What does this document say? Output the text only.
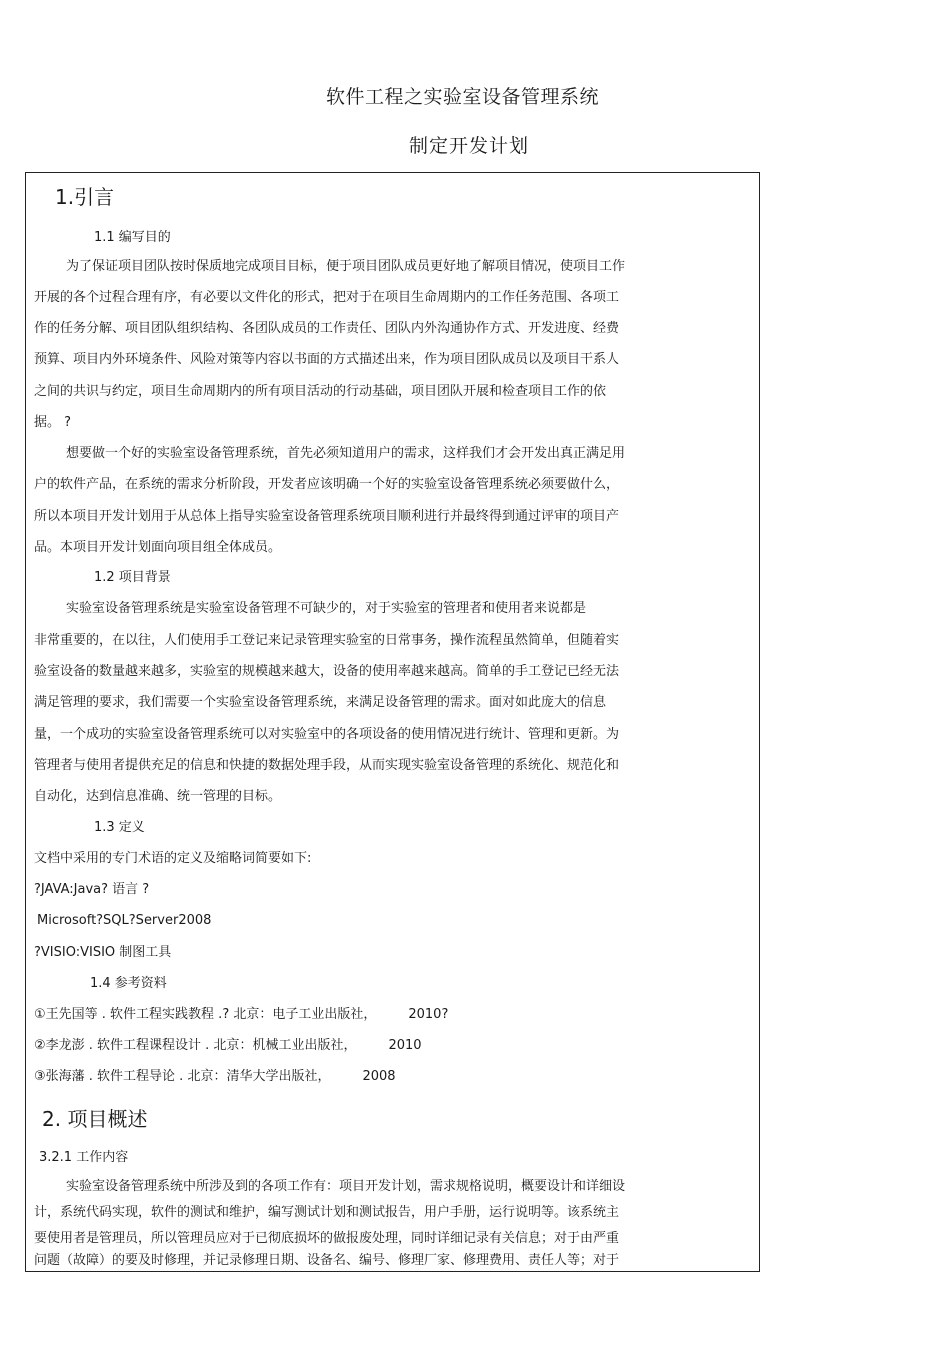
软件工程之实验室设备管理系统
制定开发计划
1.引言
1.1 编写目的
为了保证项目团队按时保质地完成项目目标，便于项目团队成员更好地了解项目情况，使项目工作
开展的各个过程合理有序，有必要以文件化的形式，把对于在项目生命周期内的工作任务范围、各项工
作的任务分解、项目团队组织结构、各团队成员的工作责任、团队内外沟通协作方式、开发进度、经费
预算、项目内外环境条件、风险对策等内容以书面的方式描述出来，作为项目团队成员以及项目干系人
之间的共识与约定，项目生命周期内的所有项目活动的行动基础，项目团队开展和检查项目工作的依
据。 ?
想要做一个好的实验室设备管理系统，首先必须知道用户的需求，这样我们才会开发出真正满足用
户的软件产品，在系统的需求分析阶段，开发者应该明确一个好的实验室设备管理系统必须要做什么，
所以本项目开发计划用于从总体上指导实验室设备管理系统项目顺利进行并最终得到通过评审的项目产
品。本项目开发计划面向项目组全体成员。
1.2 项目背景
实验室设备管理系统是实验室设备管理不可缺少的，对于实验室的管理者和使用者来说都是
非常重要的，在以往，人们使用手工登记来记录管理实验室的日常事务，操作流程虽然简单，但随着实
验室设备的数量越来越多，实验室的规模越来越大，设备的使用率越来越高。简单的手工登记已经无法
满足管理的要求，我们需要一个实验室设备管理系统，来满足设备管理的需求。面对如此庞大的信息
量，一个成功的实验室设备管理系统可以对实验室中的各项设备的使用情况进行统计、管理和更新。为
管理者与使用者提供充足的信息和快捷的数据处理手段，从而实现实验室设备管理的系统化、规范化和
自动化，达到信息准确、统一管理的目标。
1.3 定义
文档中采用的专门术语的定义及缩略词简要如下:
?JAVA:Java? 语言 ?
Microsoft?SQL?Server2008
?VISIO:VISIO 制图工具
1.4 参考资料
①王先国等 . 软件工程实践教程 .? 北京：电子工业出版社， 2010?
②李龙澎 . 软件工程课程设计 . 北京：机械工业出版社， 2010
③张海藩 . 软件工程导论 . 北京：清华大学出版社， 2008
2. 项目概述
3.2.1 工作内容
实验室设备管理系统中所涉及到的各项工作有：项目开发计划，需求规格说明，概要设计和详细设
计，系统代码实现，软件的测试和维护，编写测试计划和测试报告，用户手册，运行说明等。该系统主
要使用者是管理员，所以管理员应对于已彻底损坏的做报废处理，同时详细记录有关信息；对于由严重
问题（故障）的要及时修理，并记录修理日期、设备名、编号、修理厂家、修理费用、责任人等；对于
